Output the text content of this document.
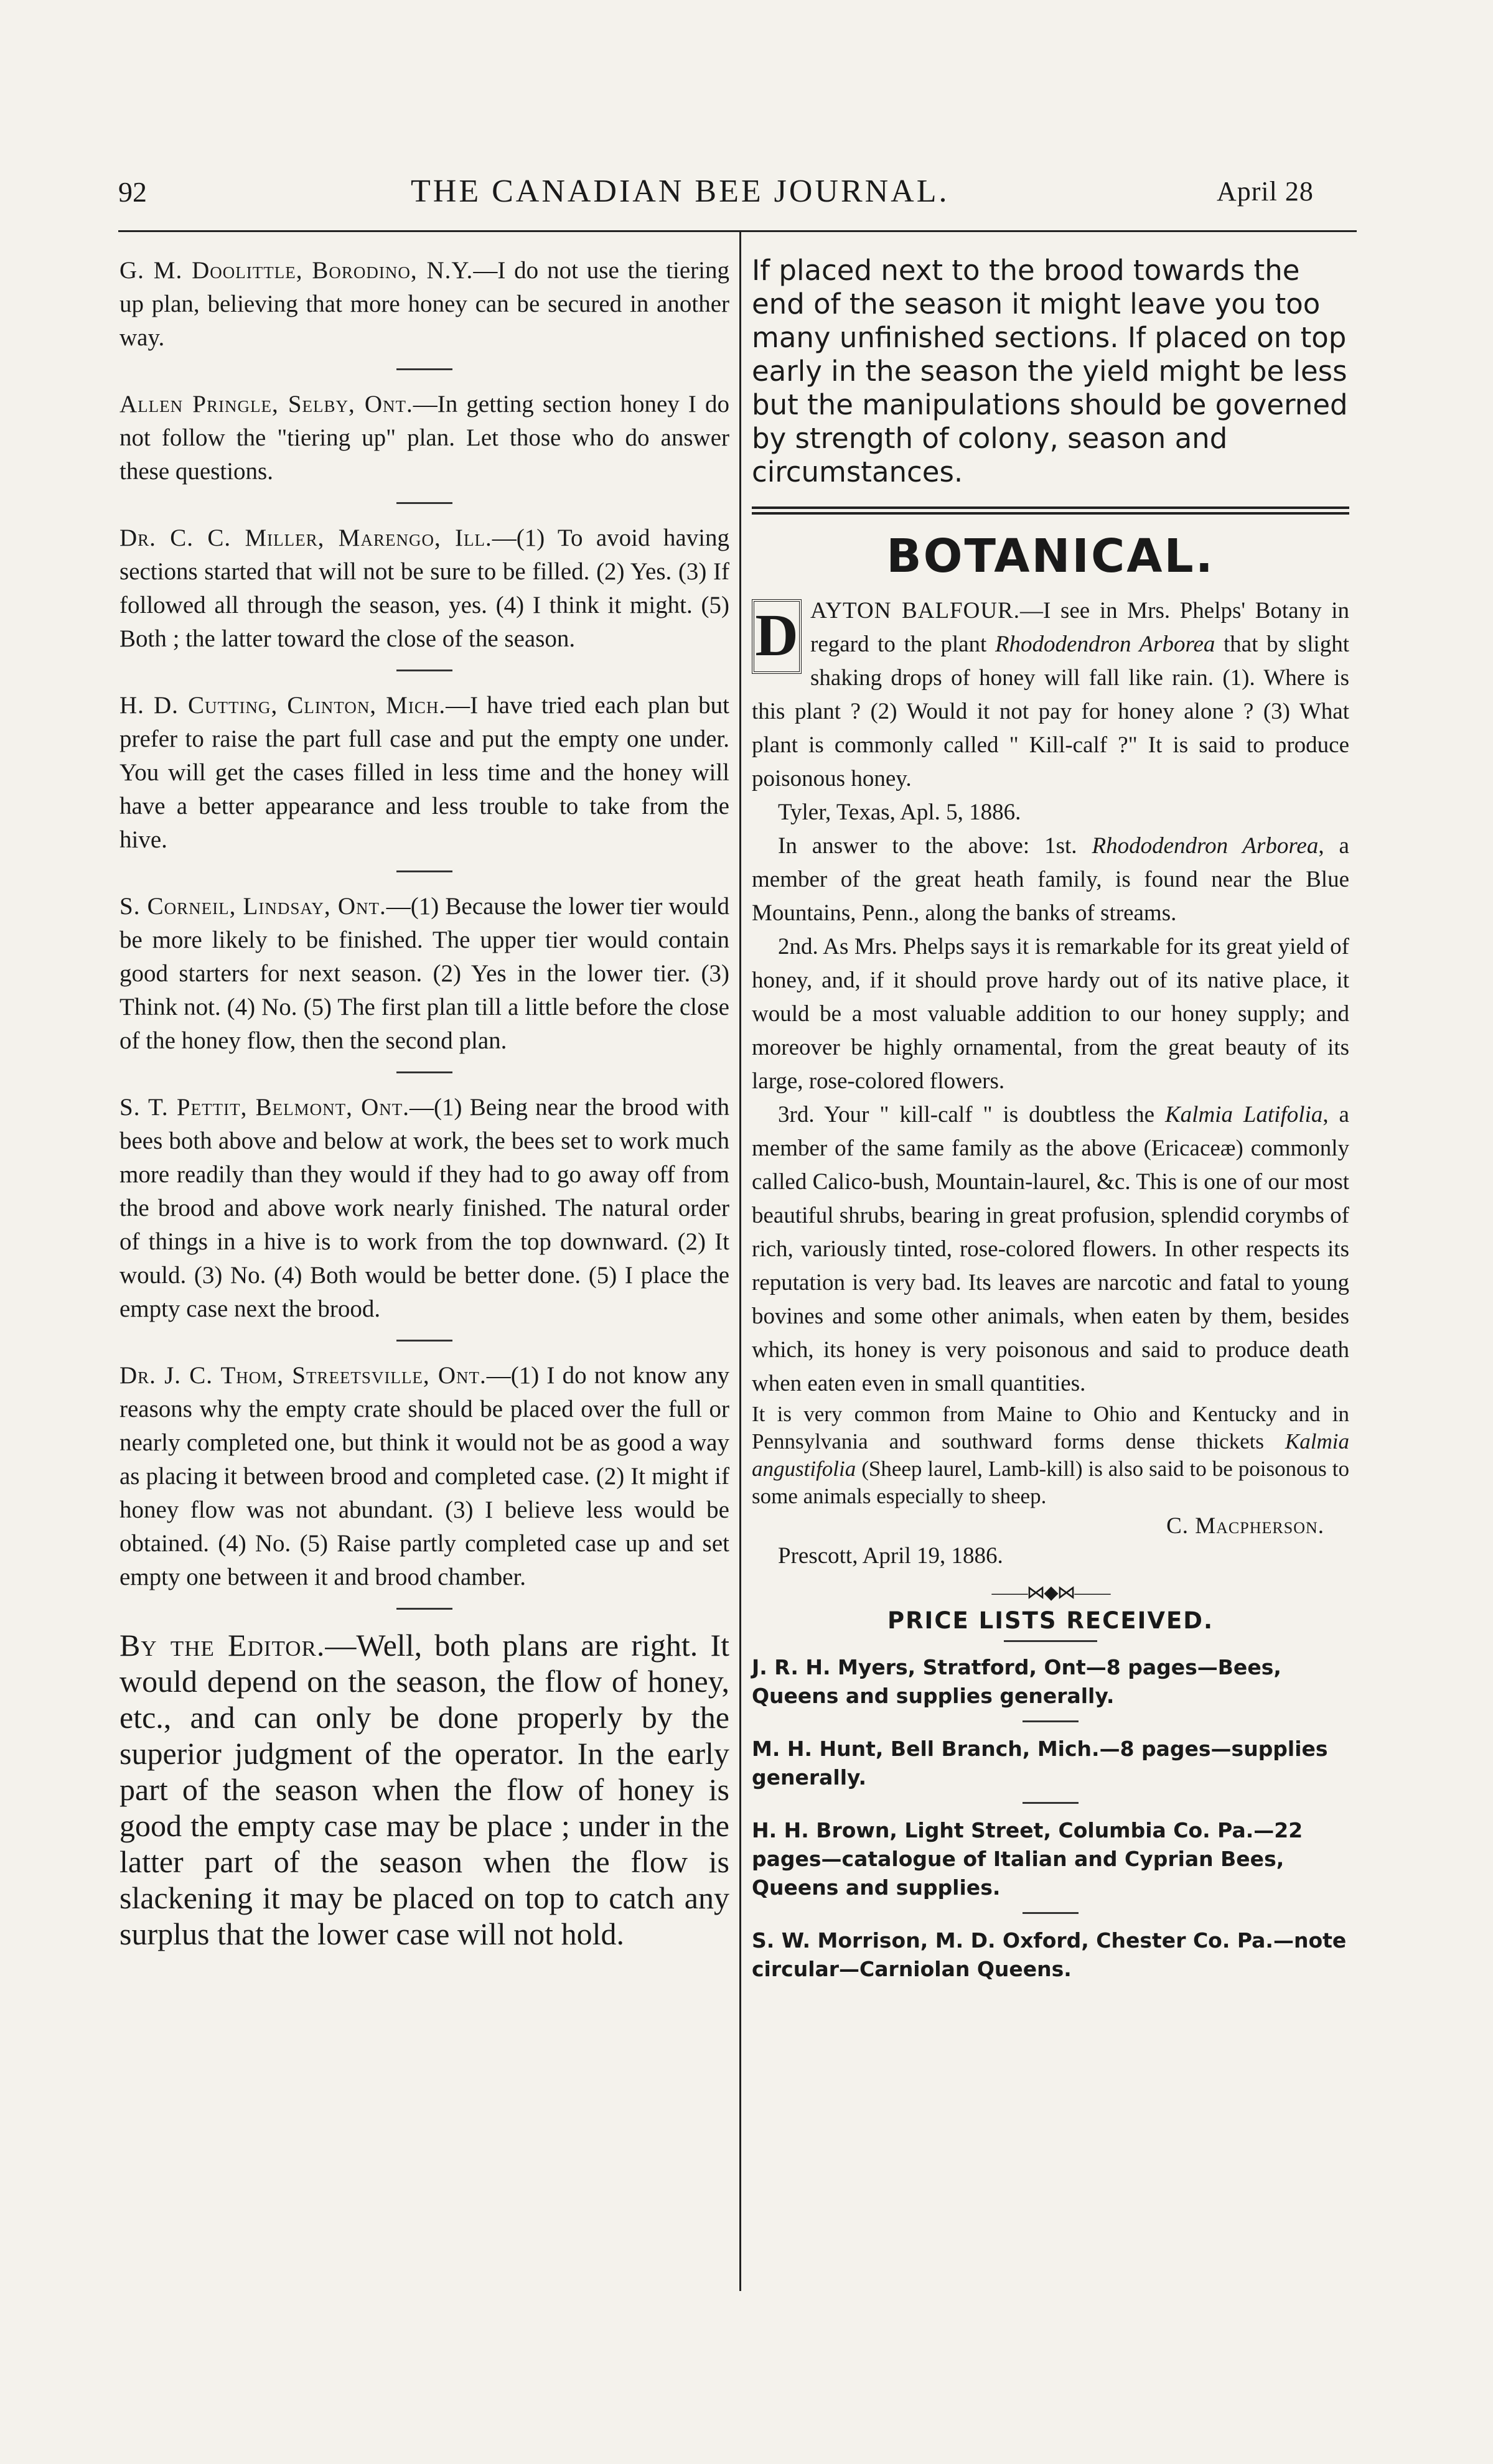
92	THE CANADIAN BEE JOURNAL.	April 28

G. M. Doolittle, Borodino, N.Y.—I do not use the tiering up plan, believing that more honey can be secured in another way.

Allen Pringle, Selby, Ont.—In getting section honey I do not follow the "tiering up" plan. Let those who do answer these questions.

Dr. C. C. Miller, Marengo, Ill.—(1) To avoid having sections started that will not be sure to be filled. (2) Yes. (3) If followed all through the season, yes. (4) I think it might. (5) Both ; the latter toward the close of the season.

H. D. Cutting, Clinton, Mich.—I have tried each plan but prefer to raise the part full case and put the empty one under. You will get the cases filled in less time and the honey will have a better appearance and less trouble to take from the hive.

S. Corneil, Lindsay, Ont.—(1) Because the lower tier would be more likely to be finished. The upper tier would contain good starters for next season. (2) Yes in the lower tier. (3) Think not. (4) No. (5) The first plan till a little before the close of the honey flow, then the second plan.

S. T. Pettit, Belmont, Ont.—(1) Being near the brood with bees both above and below at work, the bees set to work much more readily than they would if they had to go away off from the brood and above work nearly finished. The natural order of things in a hive is to work from the top downward. (2) It would. (3) No. (4) Both would be better done. (5) I place the empty case next the brood.

Dr. J. C. Thom, Streetsville, Ont.—(1) I do not know any reasons why the empty crate should be placed over the full or nearly completed one, but think it would not be as good a way as placing it between brood and completed case. (2) It might if honey flow was not abundant. (3) I believe less would be obtained. (4) No. (5) Raise partly completed case up and set empty one between it and brood chamber.

By the Editor.—Well, both plans are right. It would depend on the season, the flow of honey, etc., and can only be done properly by the superior judgment of the operator. In the early part of the season when the flow of honey is good the empty case may be place ; under in the latter part of the season when the flow is slackening it may be placed on top to catch any surplus that the lower case will not hold.

If placed next to the brood towards the end of the season it might leave you too many unfinished sections. If placed on top early in the season the yield might be less but the manipulations should be governed by strength of colony, season and circumstances.

BOTANICAL.

D AYTON BALFOUR.—I see in Mrs. Phelps' Botany in regard to the plant Rhododendron Arborea that by slight shaking drops of honey will fall like rain. (1). Where is this plant ? (2) Would it not pay for honey alone ? (3) What plant is commonly called " Kill-calf ?" It is said to produce poisonous honey.

Tyler, Texas, Apl. 5, 1886.

In answer to the above: 1st. Rhododendron Arborea, a member of the great heath family, is found near the Blue Mountains, Penn., along the banks of streams.

2nd. As Mrs. Phelps says it is remarkable for its great yield of honey, and, if it should prove hardy out of its native place, it would be a most valuable addition to our honey supply; and moreover be highly ornamental, from the great beauty of its large, rose-colored flowers.

3rd. Your " kill-calf " is doubtless the Kalmia Latifolia, a member of the same family as the above (Ericaceæ) commonly called Calico-bush, Mountain-laurel, &c. This is one of our most beautiful shrubs, bearing in great profusion, splendid corymbs of rich, variously tinted, rose-colored flowers. In other respects its reputation is very bad. Its leaves are narcotic and fatal to young bovines and some other animals, when eaten by them, besides which, its honey is very poisonous and said to produce death when eaten even in small quantities.

It is very common from Maine to Ohio and Kentucky and in Pennsylvania and southward forms dense thickets Kalmia angustifolia (Sheep laurel, Lamb-kill) is also said to be poisonous to some animals especially to sheep.

C. Macpherson.

Prescott, April 19, 1886.

——⋈◆⋈——
PRICE LISTS RECEIVED.

J. R. H. Myers, Stratford, Ont—8 pages—Bees, Queens and supplies generally.

M. H. Hunt, Bell Branch, Mich.—8 pages—supplies generally.

H. H. Brown, Light Street, Columbia Co. Pa.—22 pages—catalogue of Italian and Cyprian Bees, Queens and supplies.

S. W. Morrison, M. D. Oxford, Chester Co. Pa.—note circular—Carniolan Queens.
